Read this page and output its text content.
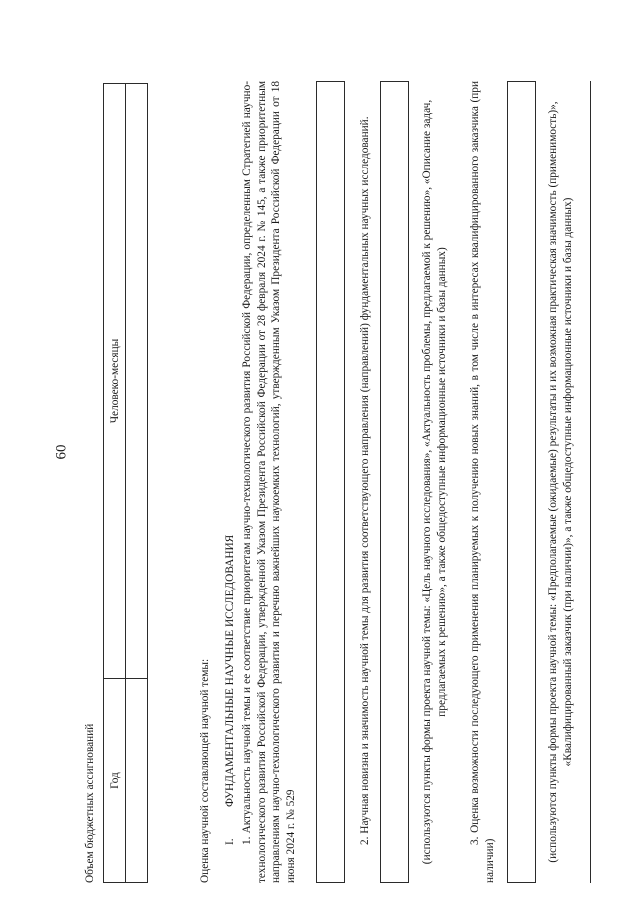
60
Объем бюджетных ассигнований Год	Человеко-месяцы

Оценка научной составляющей научной темы: I.
ФУНДАМЕНТАЛЬНЫЕ НАУЧНЫЕ ИССЛЕДОВАНИЯ 1. Актуальность научной темы и ее соответствие приоритетам научно-технологического развития Российской Федерации, определенным Стратегией научно-технологического развития Российской Федерации, утвержденной Указом Президента Российской Федерации от 28 февраля 2024 г. № 145, а также приоритетным направлениям научно-технологического развития и перечню важнейших наукоемких технологий, утвержденным Указом Президента Российской Федерации от 18 июня 2024 г. № 529	2. Научная новизна и значимость научной темы для развития соответствующего направления (направлений) фундаментальных научных исследований.	(используются пункты формы проекта научной темы: «Цель научного исследования», «Актуальность проблемы, предлагаемой к решению», «Описание задач, предлагаемых к решению», а также общедоступные информационные источники и базы данных) 3. Оценка возможности последующего применения планируемых к получению новых знаний, в том числе в интересах квалифицированного заказчика (при наличии)	(используются пункты формы проекта научной темы: «Предполагаемые (ожидаемые) результаты и их возможная практическая значимость (применимость)», «Квалифицированный заказчик (при наличии)», а также общедоступные информационные источники и базы данных)
